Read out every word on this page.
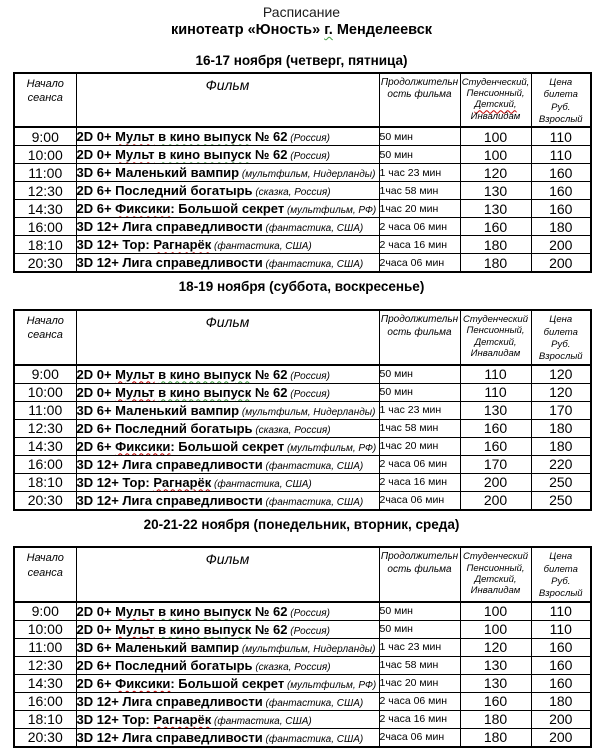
Расписание
кинотеатр «Юность» г. Менделеевск
16-17 ноября (четверг, пятница)
Начало
сеанса	Фильм	Продолжительн
ость фильма	Студенческий,
Пенсионный,
Детский,
Инвалидам	Цена билета
Руб.
Взрослый
9:00	2D 0+ Мульт в кино выпуск № 62 (Россия)	50 мин	100	110
10:00	2D 0+ Мульт в кино выпуск № 62 (Россия)	50 мин	100	110
11:00	3D 6+ Маленький вампир (мультфильм, Нидерланды)	1 час 23 мин	120	160
12:30	2D 6+ Последний богатырь (сказка, Россия)	1час 58 мин	130	160
14:30	2D 6+ Фиксики: Большой секрет (мультфильм, РФ)	1час 20 мин	130	160
16:00	3D 12+ Лига справедливости (фантастика, США)	2 часа 06 мин	160	180
18:10	3D 12+ Тор: Рагнарёк (фантастика, США)	2 часа 16 мин	180	200
20:30	3D 12+ Лига справедливости (фантастика, США)	2часа 06 мин	180	200
18-19 ноября (суббота, воскресенье)
Начало
сеанса	Фильм	Продолжительн
ость фильма	Студенческий
Пенсионный,
Детский,
Инвалидам	Цена билета
Руб.
Взрослый
9:00	2D 0+ Мульт в кино выпуск № 62 (Россия)	50 мин	110	120
10:00	2D 0+ Мульт в кино выпуск № 62 (Россия)	50 мин	110	120
11:00	3D 6+ Маленький вампир (мультфильм, Нидерланды)	1 час 23 мин	130	170
12:30	2D 6+ Последний богатырь (сказка, Россия)	1час 58 мин	160	180
14:30	2D 6+ Фиксики: Большой секрет (мультфильм, РФ)	1час 20 мин	160	180
16:00	3D 12+ Лига справедливости (фантастика, США)	2 часа 06 мин	170	220
18:10	3D 12+ Тор: Рагнарёк (фантастика, США)	2 часа 16 мин	200	250
20:30	3D 12+ Лига справедливости (фантастика, США)	2часа 06 мин	200	250
20-21-22 ноября (понедельник, вторник, среда)
Начало
сеанса	Фильм	Продолжительн
ость фильма	Студенческий
Пенсионный,
Детский,
Инвалидам	Цена билета
Руб.
Взрослый
9:00	2D 0+ Мульт в кино выпуск № 62 (Россия)	50 мин	100	110
10:00	2D 0+ Мульт в кино выпуск № 62 (Россия)	50 мин	100	110
11:00	3D 6+ Маленький вампир (мультфильм, Нидерланды)	1 час 23 мин	120	160
12:30	2D 6+ Последний богатырь (сказка, Россия)	1час 58 мин	130	160
14:30	2D 6+ Фиксики: Большой секрет (мультфильм, РФ)	1час 20 мин	130	160
16:00	3D 12+ Лига справедливости (фантастика, США)	2 часа 06 мин	160	180
18:10	3D 12+ Тор: Рагнарёк (фантастика, США)	2 часа 16 мин	180	200
20:30	3D 12+ Лига справедливости (фантастика, США)	2часа 06 мин	180	200
